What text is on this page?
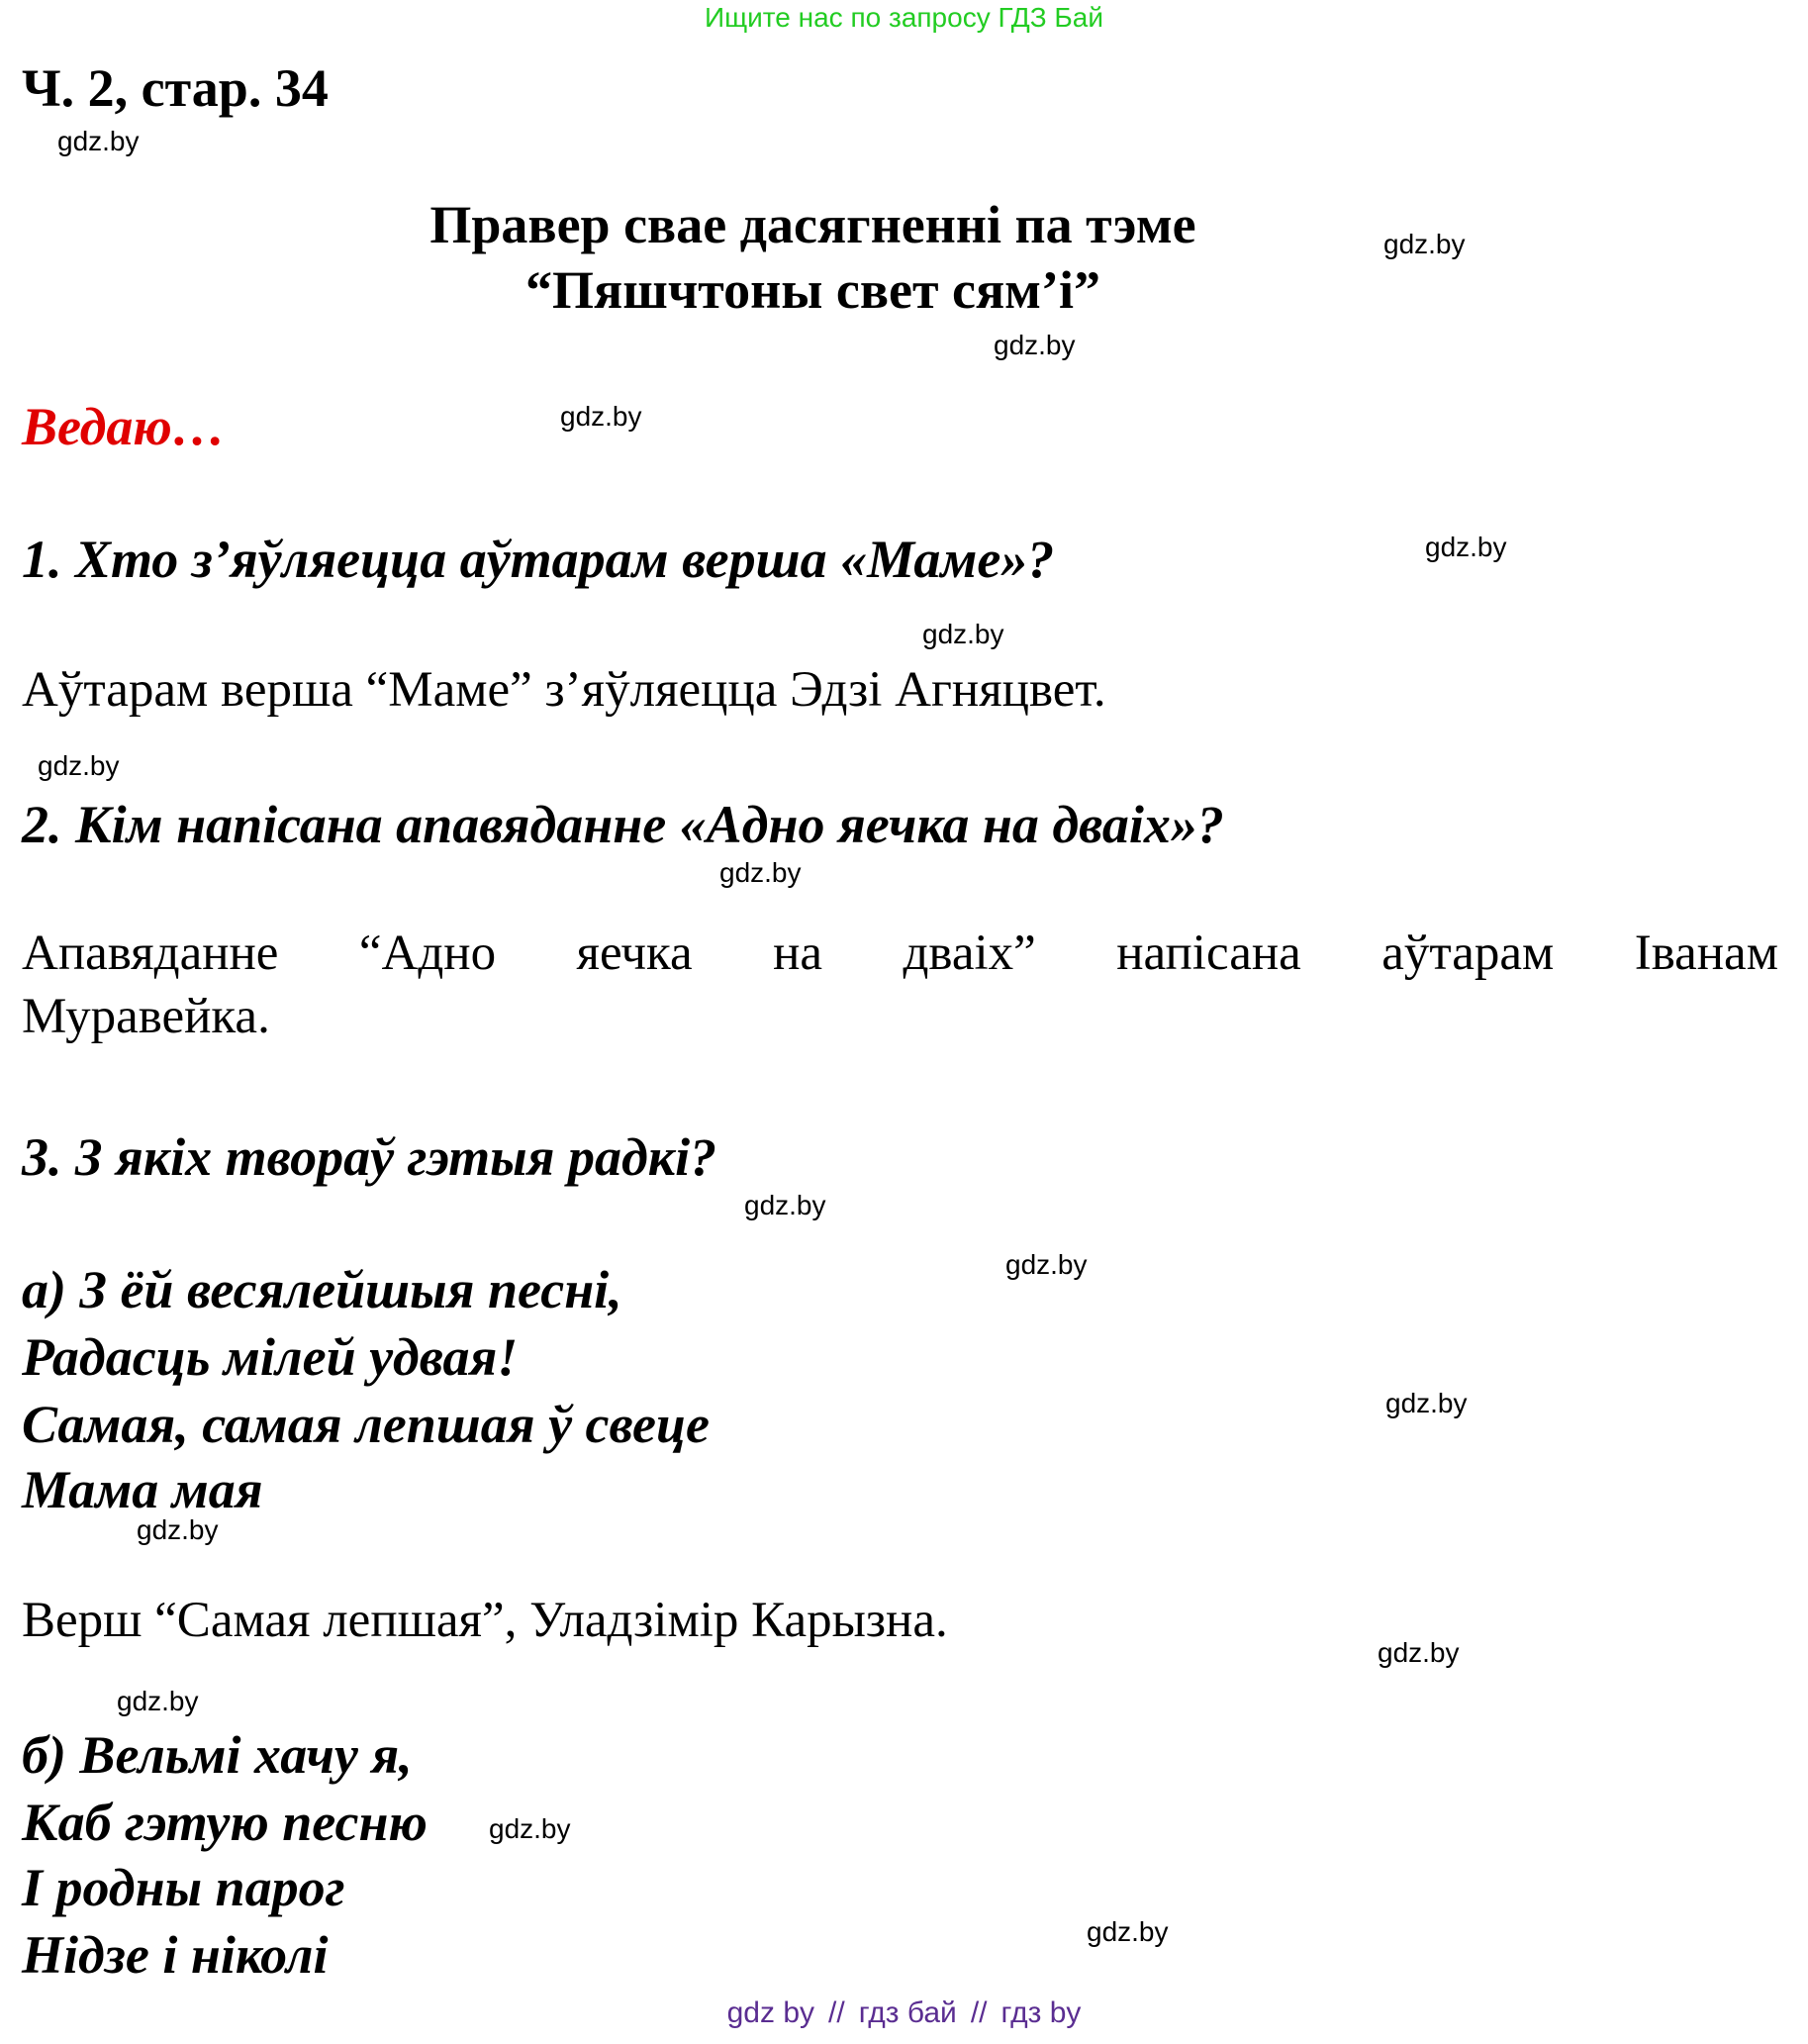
Ищите нас по запросу ГДЗ Бай
Ч. 2, стар. 34
gdz.by
Правер свае дасягненні па тэме	gdz.by
“Пяшчтоны свет сям’і”
gdz.by
Ведаю…	gdz.by
1. Хто з’яўляецца аўтарам верша «Маме»?	gdz.by
gdz.by
Аўтарам верша “Маме” з’яўляецца Эдзі Агняцвет.
gdz.by
2. Кім напісана апавяданне «Адно яечка на дваіх»?
gdz.by
Апавяданне “Адно яечка на дваіх” напісана аўтарам Іванам
Муравейка.
3. З якіх твораў гэтыя радкі?
gdz.by
gdz.by
а) З ёй весялейшыя песні,
Радасць мілей удвая!
gdz.by
Самая, самая лепшая ў свеце
Мама мая
gdz.by
Верш “Самая лепшая”, Уладзімір Карызна.
gdz.by
gdz.by
б) Вельмі хачу я,
Каб гэтую песню gdz.by
І родны парог
Нідзе і ніколі	gdz.by
gdz by // гдз бай // гдз by
